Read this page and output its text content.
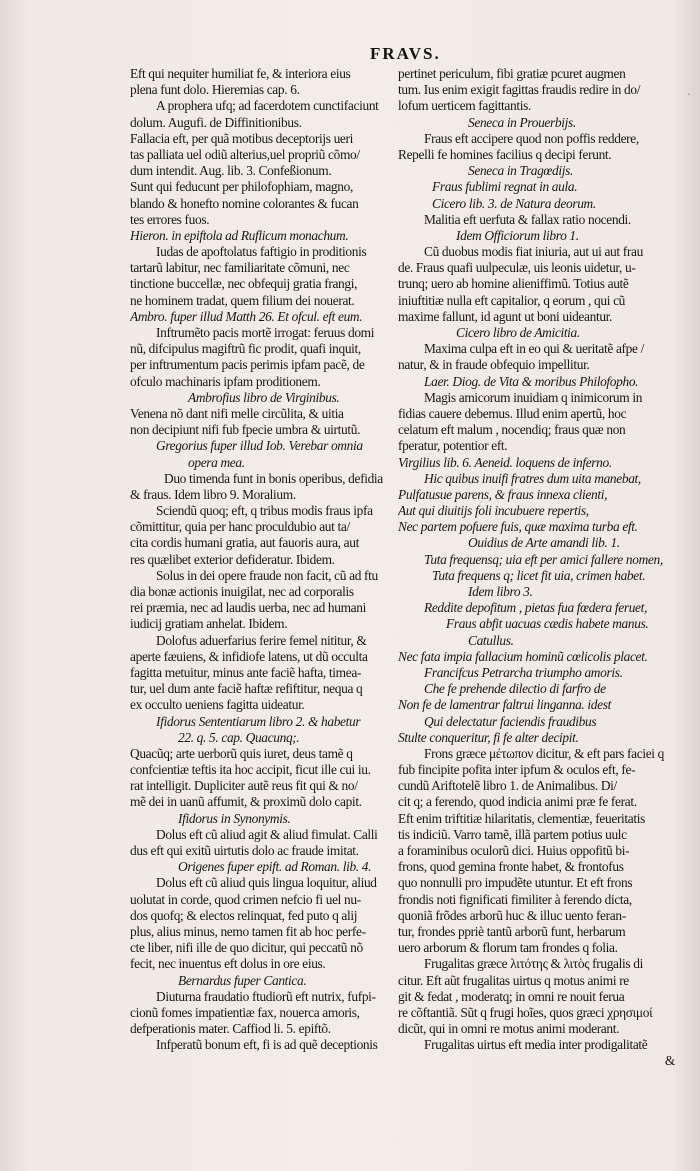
FRAVS.
˙
Eft qui nequiter humiliat fe, & interiora eius
plena funt dolo. Hieremias cap. 6.
A prophera ufq; ad facerdotem cunctifaciunt
dolum. Augufi. de Diffinitionibus.
Fallacia eft, per quã motibus deceptorijs ueri
tas palliata uel odiũ alterius,uel propriũ cõmo/
dum intendit. Aug. lib. 3. Confeßionum.
Sunt qui feducunt per philofophiam, magno,
blando & honefto nomine colorantes & fucan
tes errores fuos.
Hieron. in epiftola ad Ruflicum monachum.
Iudas de apoftolatus faftigio in proditionis
tartarũ labitur, nec familiaritate cõmuni, nec
tinctione buccellæ, nec obfequij gratia frangi,
ne hominem tradat, quem filium dei nouerat.
Ambro. fuper illud Matth 26. Et ofcul. eft eum.
Inftrumẽto pacis mortẽ irrogat: feruus domi
nũ, difcipulus magiftrũ fic prodit, quafi inquit,
per inftrumentum pacis perimis ipfam pacẽ, de
ofculo machinaris ipfam proditionem.
Ambrofius libro de Virginibus.
Venena nõ dant nifi melle circũlita, & uitia
non decipiunt nifi fub fpecie umbra & uirtutũ.
Gregorius fuper illud Iob. Verebar omnia
opera mea.
Duo timenda funt in bonis operibus, defidia
& fraus. Idem libro 9. Moralium.
Sciendũ quoq; eft, q tribus modis fraus ipfa
cõmittitur, quia per hanc proculdubio aut ta/
cita cordis humani gratia, aut fauoris aura, aut
res quælibet exterior defideratur. Ibidem.
Solus in dei opere fraude non facit, cũ ad ftu
dia bonæ actionis inuigilat, nec ad corporalis
rei præmia, nec ad laudis uerba, nec ad humani
iudicij gratiam anhelat. Ibidem.
Dolofus aduerfarius ferire femel nititur, &
aperte fæuiens, & infidiofe latens, ut dũ occulta
fagitta metuitur, minus ante faciẽ hafta, timea-
tur, uel dum ante faciẽ haftæ refiftitur, nequa q
ex occulto ueniens fagitta uideatur.
Ifidorus Sententiarum libro 2. & habetur
22. q. 5. cap. Quacunq;.
Quacũq; arte uerborũ quis iuret, deus tamẽ q
confcientiæ teftis ita hoc accipit, ficut ille cui iu.
rat intelligit. Dupliciter autẽ reus fit qui & no/
mẽ dei in uanũ affumit, & proximũ dolo capit.
Ifidorus in Synonymis.
Dolus eft cũ aliud agit & aliud fimulat. Calli
dus eft qui exitũ uirtutis dolo ac fraude imitat.
Origenes fuper epift. ad Roman. lib. 4.
Dolus eft cũ aliud quis lingua loquitur, aliud
uolutat in corde, quod crimen nefcio fi uel nu-
dos quofq; & electos relinquat, fed puto q alij
plus, alius minus, nemo tamen fit ab hoc perfe-
cte liber, nifi ille de quo dicitur, qui peccatũ nõ
fecit, nec inuentus eft dolus in ore eius.
Bernardus fuper Cantica.
Diuturna fraudatio ftudiorũ eft nutrix, fufpi-
cionũ fomes impatientiæ fax, nouerca amoris,
defperationis mater. Caffiod li. 5. epiftõ.
Infperatũ bonum eft, fi is ad quẽ deceptionis
pertinet periculum, fibi gratiæ pcuret augmen
tum. Ius enim exigit fagittas fraudis redire in do/
lofum uerticem fagittantis.
Seneca in Prouerbijs.
Fraus eft accipere quod non poffis reddere,
Repelli fe homines facilius q decipi ferunt.
Seneca in Tragœdijs.
Fraus fublimi regnat in aula.
Cicero lib. 3. de Natura deorum.
Malitia eft uerfuta & fallax ratio nocendi.
Idem Officiorum libro 1.
Cũ duobus modis fiat iniuria, aut ui aut frau
de. Fraus quafi uulpeculæ, uis leonis uidetur, u-
trunq; uero ab homine alieniffimũ. Totius autẽ
iniuftitiæ nulla eft capitalior, q eorum , qui cũ
maxime fallunt, id agunt ut boni uideantur.
Cicero libro de Amicitia.
Maxima culpa eft in eo qui & ueritatẽ afpe /
natur, & in fraude obfequio impellitur.
Laer. Diog. de Vita & moribus Philofopho.
Magis amicorum inuidiam q inimicorum in
fidias cauere debemus. Illud enim apertũ, hoc
celatum eft malum , nocendiq; fraus quæ non
fperatur, potentior eft.
Virgilius lib. 6. Aeneid. loquens de inferno.
Hic quibus inuifi fratres dum uita manebat,
Pulfatusue parens, & fraus innexa clienti,
Aut qui diuitijs foli incubuere repertis,
Nec partem pofuere fuis, quæ maxima turba eft.
Ouidius de Arte amandi lib. 1.
Tuta frequensq; uia eft per amici fallere nomen,
Tuta frequens q; licet fit uia, crimen habet.
Idem libro 3.
Reddite depofitum , pietas fua fœdera feruet,
Fraus abfit uacuas cædis habete manus.
Catullus.
Nec fata impia fallacium hominũ cœlicolis placet.
Francifcus Petrarcha triumpho amoris.
Che fe prehende dilectio di farfro de
Non fe de lamentrar faltrui linganna. idest
Qui delectatur faciendis fraudibus
Stulte conqueritur, fi fe alter decipit.
Frons græce μέτωπον dicitur, & eft pars faciei q
fub fincipite pofita inter ipfum & oculos eft, fe-
cundũ Ariftotelẽ libro 1. de Animalibus. Di/
cit q; a ferendo, quod indicia animi præ fe ferat.
Eft enim triftitiæ hilaritatis, clementiæ, feueritatis
tis indiciũ. Varro tamẽ, illã partem potius uulc
a foraminibus oculorũ dici. Huius oppofitũ bi-
frons, quod gemina fronte habet, & frontofus
quo nonnulli pro impudẽte utuntur. Et eft frons
frondis noti fignificati fimiliter à ferendo dicta,
quoniã frõdes arborũ huc & illuc uento feran-
tur, frondes ppriè tantũ arborũ funt, herbarum
uero arborum & florum tam frondes q folia.
Frugalitas græce λιτότης & λιτὸς frugalis di
citur. Eft aũt frugalitas uirtus q motus animi re
git & fedat , moderatq; in omni re nouit ferua
re cõftantiã. Sũt q frugi hoĩes, quos græci χρησιμοί
dicũt, qui in omni re motus animi moderant.
Frugalitas uirtus eft media inter prodigalitatẽ
&
